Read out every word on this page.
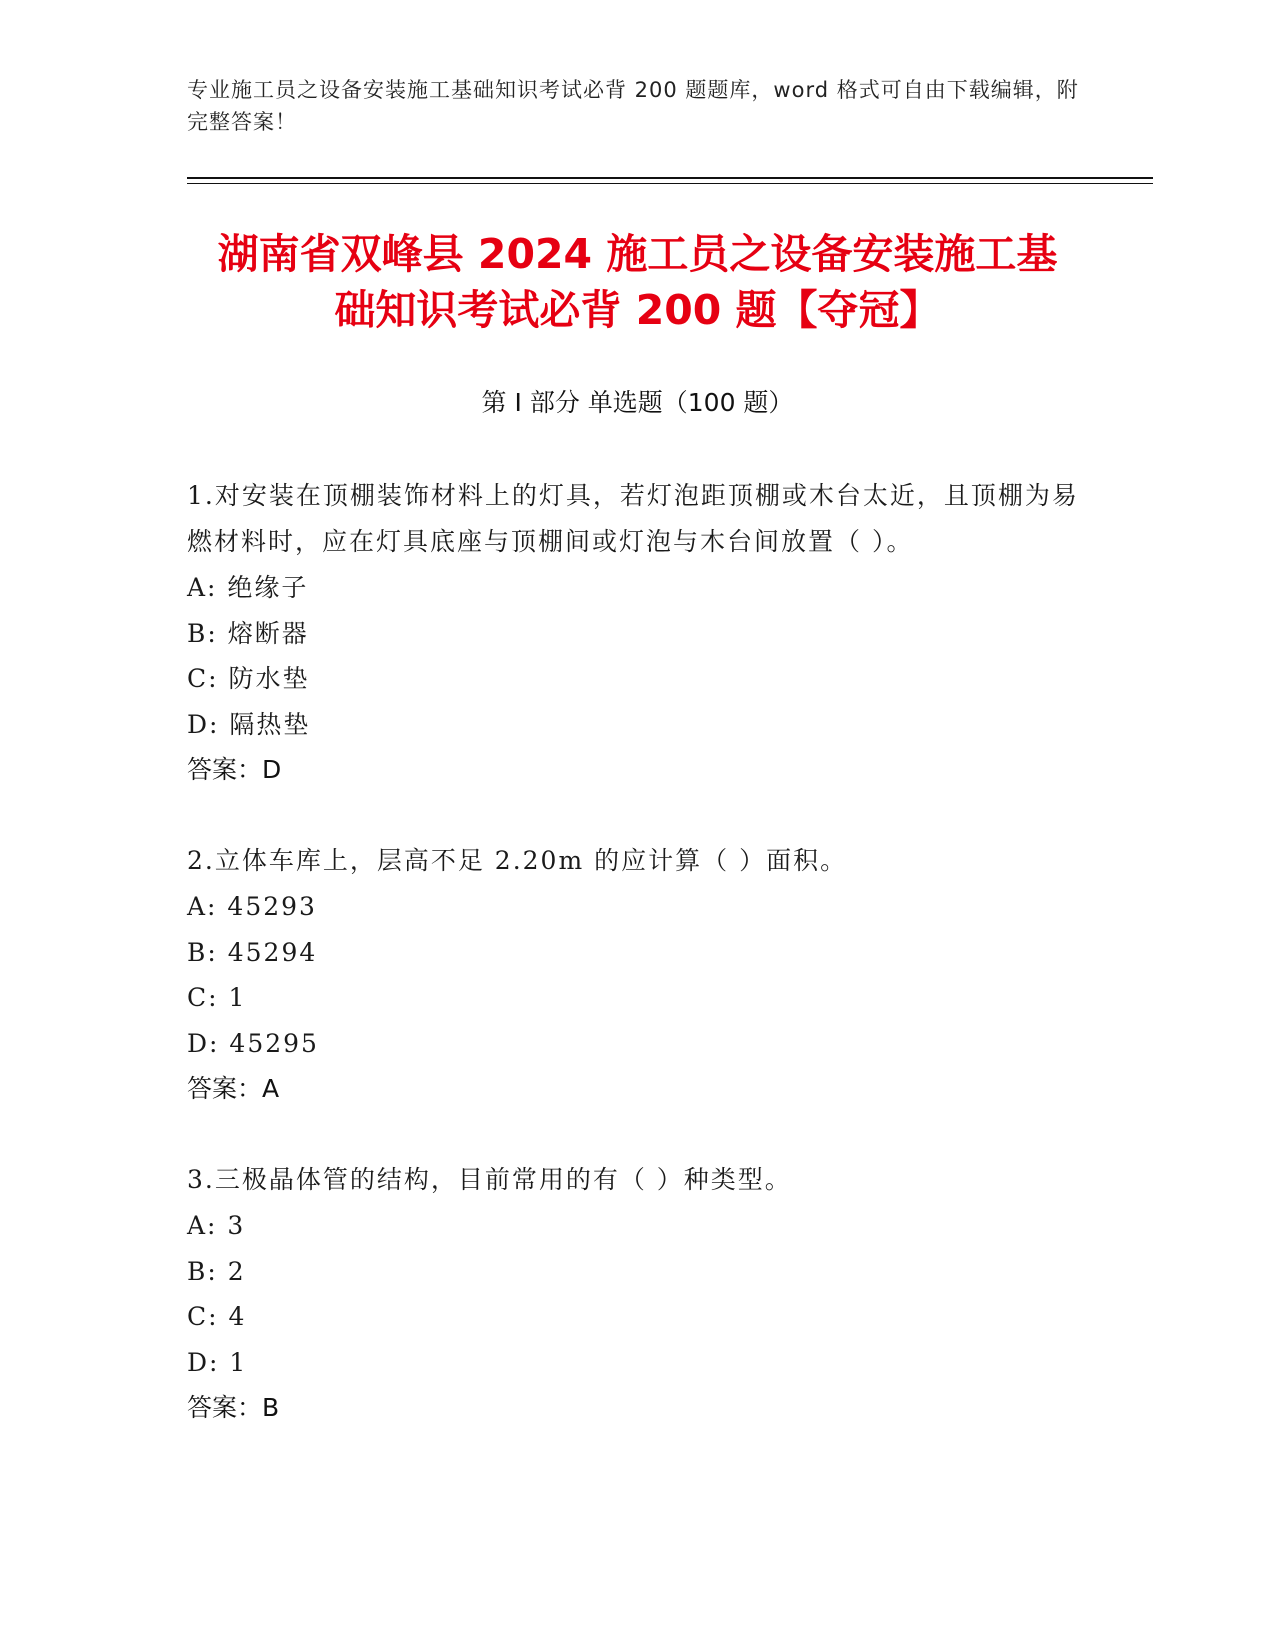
专业施工员之设备安装施工基础知识考试必背 200 题题库，word 格式可自由下载编辑，附完整答案！
湖南省双峰县 2024 施工员之设备安装施工基
础知识考试必背 200 题【夺冠】
第 I 部分 单选题（100 题）
1.对安装在顶棚装饰材料上的灯具，若灯泡距顶棚或木台太近，且顶棚为易燃材料时，应在灯具底座与顶棚间或灯泡与木台间放置（ ）。
A: 绝缘子
B: 熔断器
C: 防水垫
D: 隔热垫
答案：D
2.立体车库上，层高不足 2.20m 的应计算（ ）面积。
A: 45293
B: 45294
C: 1
D: 45295
答案：A
3.三极晶体管的结构，目前常用的有（ ）种类型。
A: 3
B: 2
C: 4
D: 1
答案：B
